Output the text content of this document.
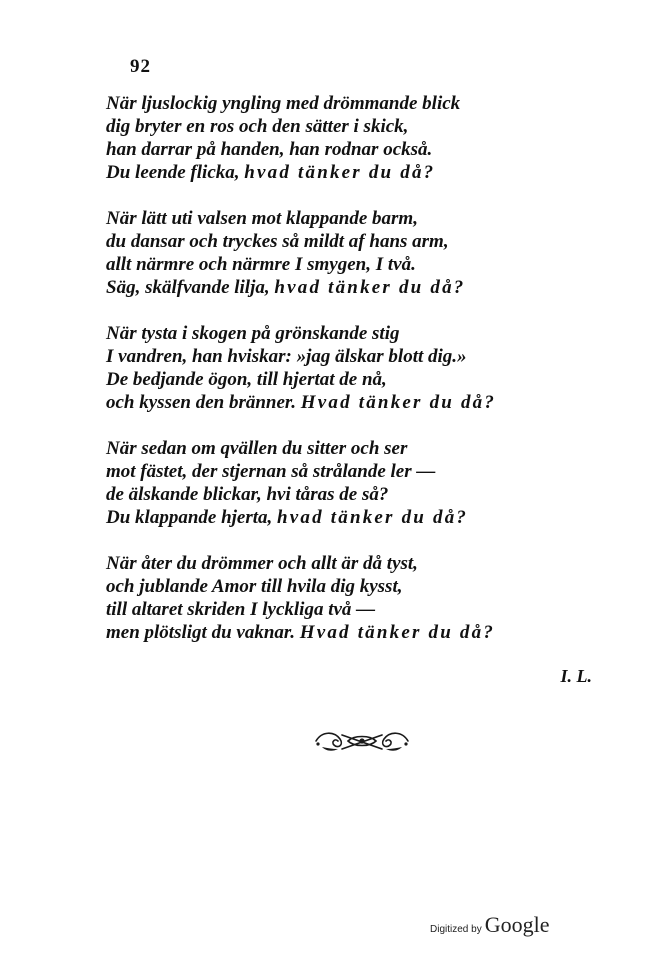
92
När ljuslockig yngling med drömmande blick
dig bryter en ros och den sätter i skick,
han darrar på handen, han rodnar också.
Du leende flicka, hvad tänker du då?
När lätt uti valsen mot klappande barm,
du dansar och tryckes så mildt af hans arm,
allt närmre och närmre I smygen, I två.
Säg, skälfvande lilja, hvad tänker du då?
När tysta i skogen på grönskande stig
I vandren, han hviskar: »jag älskar blott dig.»
De bedjande ögon, till hjertat de nå,
och kyssen den bränner. Hvad tänker du då?
När sedan om qvällen du sitter och ser
mot fästet, der stjernan så strålande ler —
de älskande blickar, hvi tåras de så?
Du klappande hjerta, hvad tänker du då?
När åter du drömmer och allt är då tyst,
och jublande Amor till hvila dig kysst,
till altaret skriden I lyckliga två —
men plötsligt du vaknar. Hvad tänker du då?
I. L.
Digitized by Google
